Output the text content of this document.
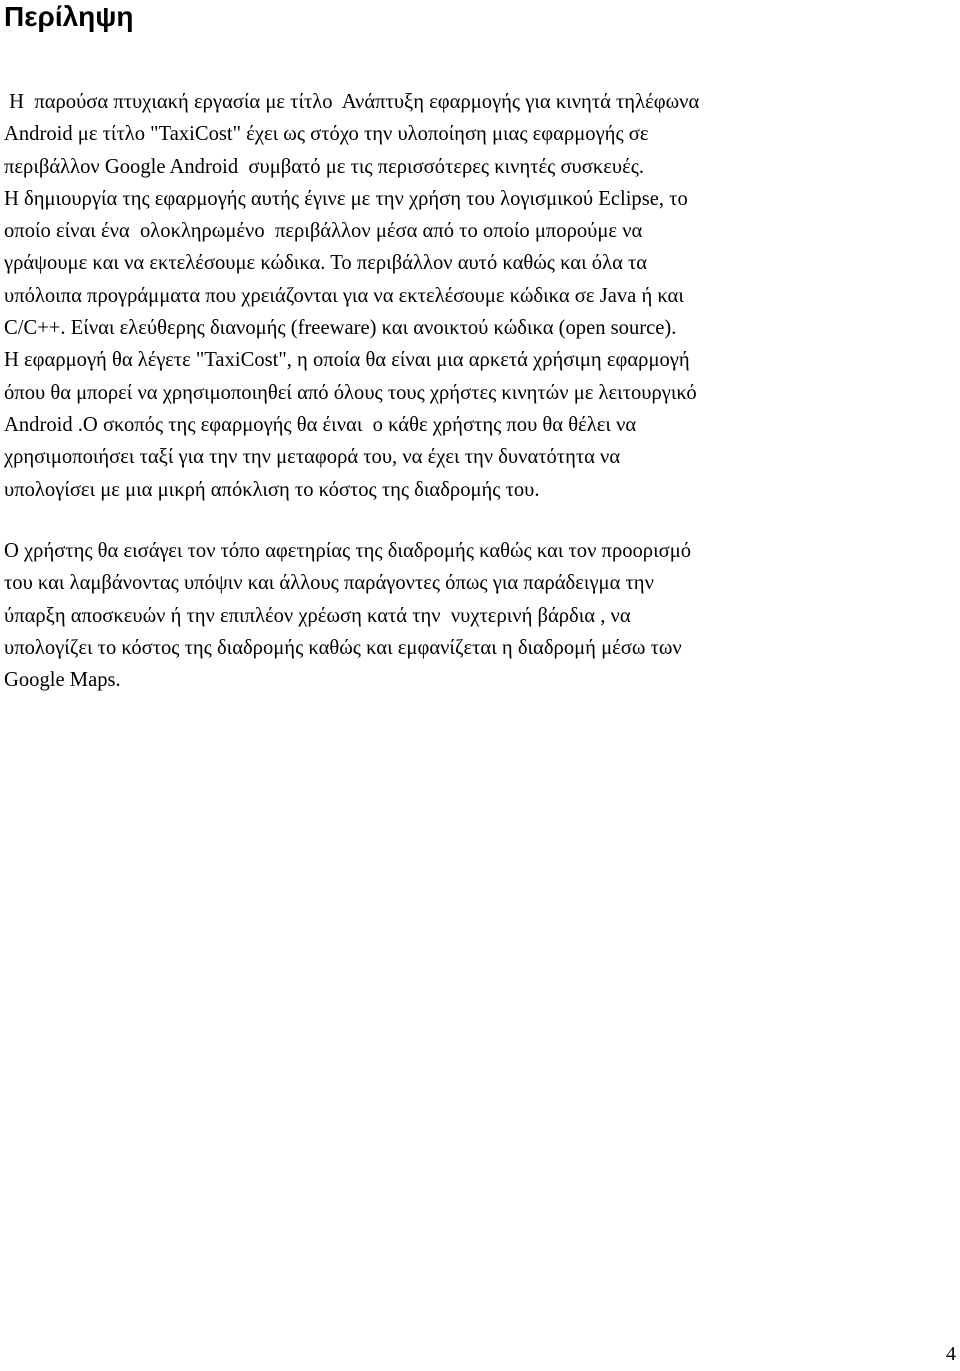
Περίληψη
Η  παρούσα πτυχιακή εργασία με τίτλο  Ανάπτυξη εφαρμογής για κινητά τηλέφωνα
Android με τίτλο "TaxiCost" έχει ως στόχο την υλοποίηση μιας εφαρμογής σε
περιβάλλον Google Android  συμβατό με τις περισσότερες κινητές συσκευές.
Η δημιουργία της εφαρμογής αυτής έγινε με την χρήση του λογισμικού Eclipse, το
οποίο είναι ένα  ολοκληρωμένο  περιβάλλον μέσα από το οποίο μπορούμε να
γράψουμε και να εκτελέσουμε κώδικα. Το περιβάλλον αυτό καθώς και όλα τα
υπόλοιπα προγράμματα που χρειάζονται για να εκτελέσουμε κώδικα σε Java ή και
C/C++. Είναι ελεύθερης διανομής (freeware) και ανοικτού κώδικα (open source).
Η εφαρμογή θα λέγετε "TaxiCost", η οποία θα είναι μια αρκετά χρήσιμη εφαρμογή
όπου θα μπορεί να χρησιμοποιηθεί από όλους τους χρήστες κινητών με λειτουργικό
Android .Ο σκοπός της εφαρμογής θα έιναι  ο κάθε χρήστης που θα θέλει να
χρησιμοποιήσει ταξί για την την μεταφορά του, να έχει την δυνατότητα να
υπολογίσει με μια μικρή απόκλιση το κόστος της διαδρομής του.
Ο χρήστης θα εισάγει τον τόπο αφετηρίας της διαδρομής καθώς και τον προορισμό
του και λαμβάνοντας υπόψιν και άλλους παράγοντες όπως για παράδειγμα την
ύπαρξη αποσκευών ή την επιπλέον χρέωση κατά την  νυχτερινή βάρδια , να
υπολογίζει το κόστος της διαδρομής καθώς και εμφανίζεται η διαδρομή μέσω των
Google Maps.
4
